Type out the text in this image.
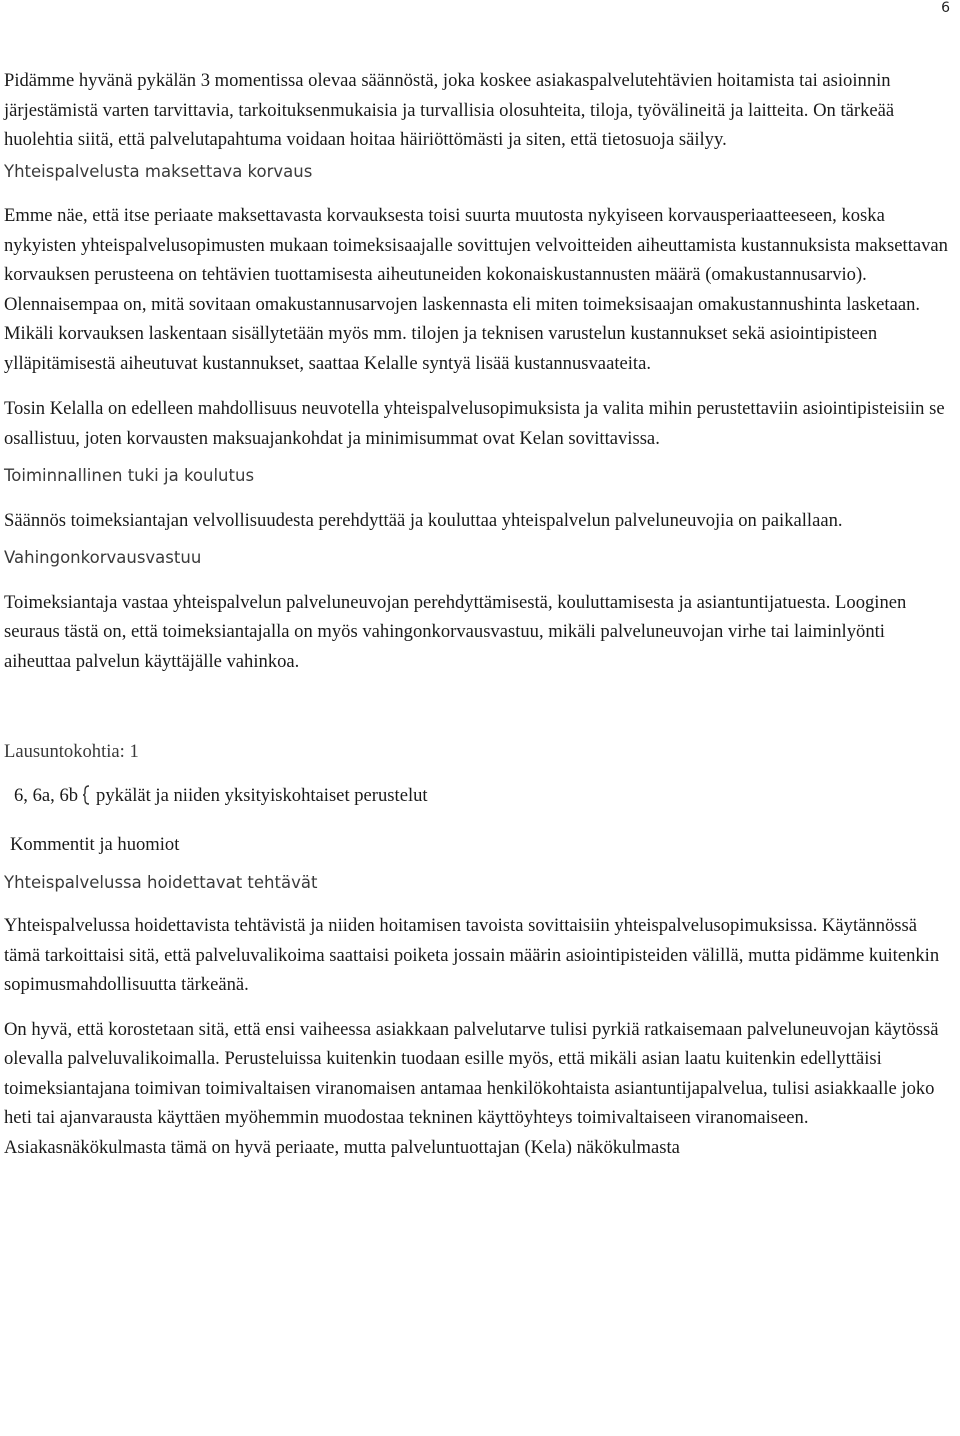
6

Pidämme hyvänä pykälän 3 momentissa olevaa säännöstä, joka koskee asiakaspalvelutehtävien hoitamista tai asioinnin järjestämistä varten tarvittavia, tarkoituksenmukaisia ja turvallisia olosuhteita, tiloja, työvälineitä ja laitteita. On tärkeää huolehtia siitä, että palvelutapahtuma voidaan hoitaa häiriöttömästi ja siten, että tietosuoja säilyy.

Yhteispalvelusta maksettava korvaus

Emme näe, että itse periaate maksettavasta korvauksesta toisi suurta muutosta nykyiseen korvausperiaatteeseen, koska nykyisten yhteispalvelusopimusten mukaan toimeksisaajalle sovittujen velvoitteiden aiheuttamista kustannuksista maksettavan korvauksen perusteena on tehtävien tuottamisesta aiheutuneiden kokonaiskustannusten määrä (omakustannusarvio). Olennaisempaa on, mitä sovitaan omakustannusarvojen laskennasta eli miten toimeksisaajan omakustannushinta lasketaan. Mikäli korvauksen laskentaan sisällytetään myös mm. tilojen ja teknisen varustelun kustannukset sekä asiointipisteen ylläpitämisestä aiheutuvat kustannukset, saattaa Kelalle syntyä lisää kustannusvaateita.

Tosin Kelalla on edelleen mahdollisuus neuvotella yhteispalvelusopimuksista ja valita mihin perustettaviin asiointipisteisiin se osallistuu, joten korvausten maksuajankohdat ja minimisummat ovat Kelan sovittavissa.

Toiminnallinen tuki ja koulutus

Säännös toimeksiantajan velvollisuudesta perehdyttää ja kouluttaa yhteispalvelun palveluneuvojia on paikallaan.

Vahingonkorvausvastuu

Toimeksiantaja vastaa yhteispalvelun palveluneuvojan perehdyttämisestä, kouluttamisesta ja asiantuntijatuesta. Looginen seuraus tästä on, että toimeksiantajalla on myös vahingonkorvausvastuu, mikäli palveluneuvojan virhe tai laiminlyönti aiheuttaa palvelun käyttäjälle vahinkoa.

Lausuntokohtia: 1

6, 6a, 6b pykälät ja niiden yksityiskohtaiset perustelut

Kommentit ja huomiot

Yhteispalvelussa hoidettavat tehtävät

Yhteispalvelussa hoidettavista tehtävistä ja niiden hoitamisen tavoista sovittaisiin yhteispalvelusopimuksissa. Käytännössä tämä tarkoittaisi sitä, että palveluvalikoima saattaisi poiketa jossain määrin asiointipisteiden välillä, mutta pidämme kuitenkin sopimusmahdollisuutta tärkeänä.

On hyvä, että korostetaan sitä, että ensi vaiheessa asiakkaan palvelutarve tulisi pyrkiä ratkaisemaan palveluneuvojan käytössä olevalla palveluvalikoimalla. Perusteluissa kuitenkin tuodaan esille myös, että mikäli asian laatu kuitenkin edellyttäisi toimeksiantajana toimivan toimivaltaisen viranomaisen antamaa henkilökohtaista asiantuntijapalvelua, tulisi asiakkaalle joko heti tai ajanvarausta käyttäen myöhemmin muodostaa tekninen käyttöyhteys toimivaltaiseen viranomaiseen.

Asiakasnäkökulmasta tämä on hyvä periaate, mutta palveluntuottajan (Kela) näkökulmasta
